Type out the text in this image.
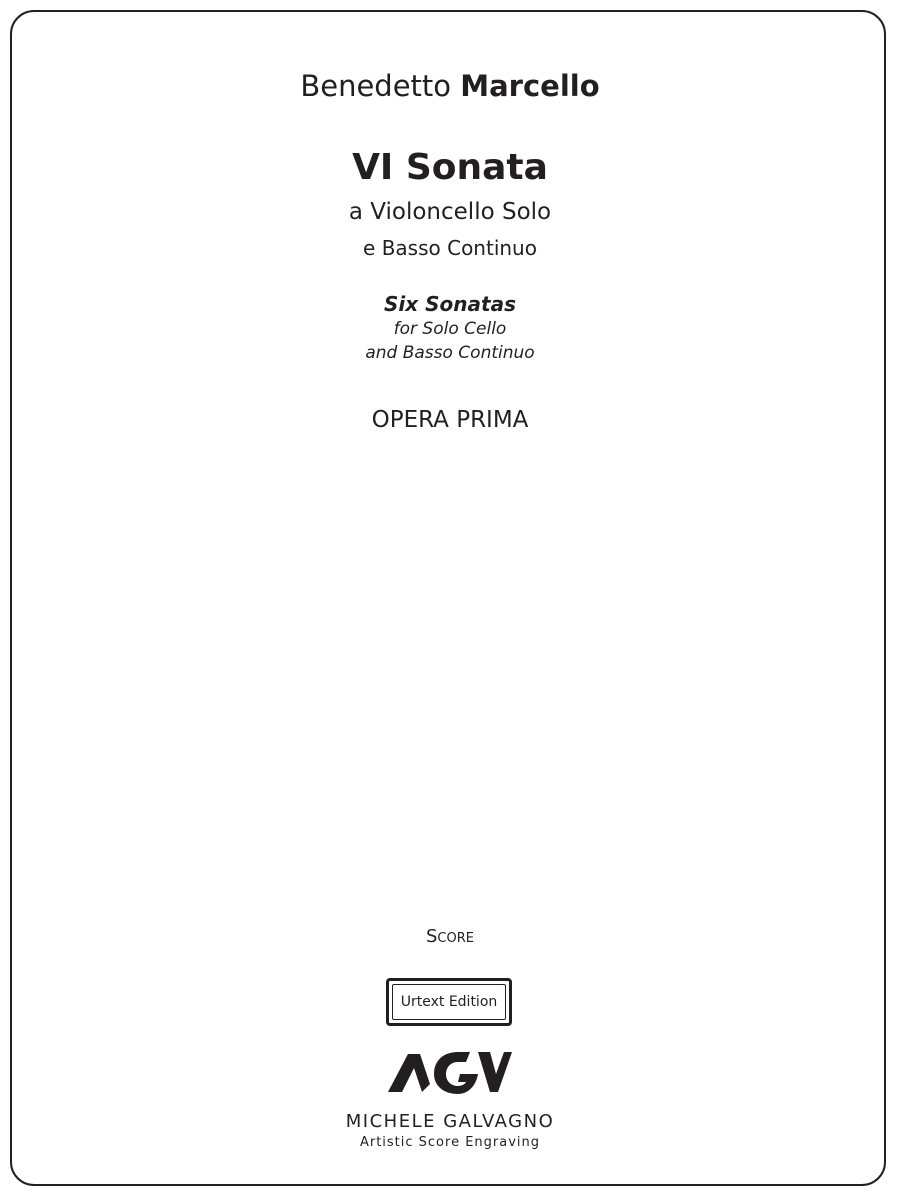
Benedetto Marcello
VI Sonata
a Violoncello Solo
e Basso Continuo
Six Sonatas
for Solo Cello
and Basso Continuo
OPERA PRIMA
Score
Urtext Edition
MICHELE GALVAGNO
Artistic Score Engraving
